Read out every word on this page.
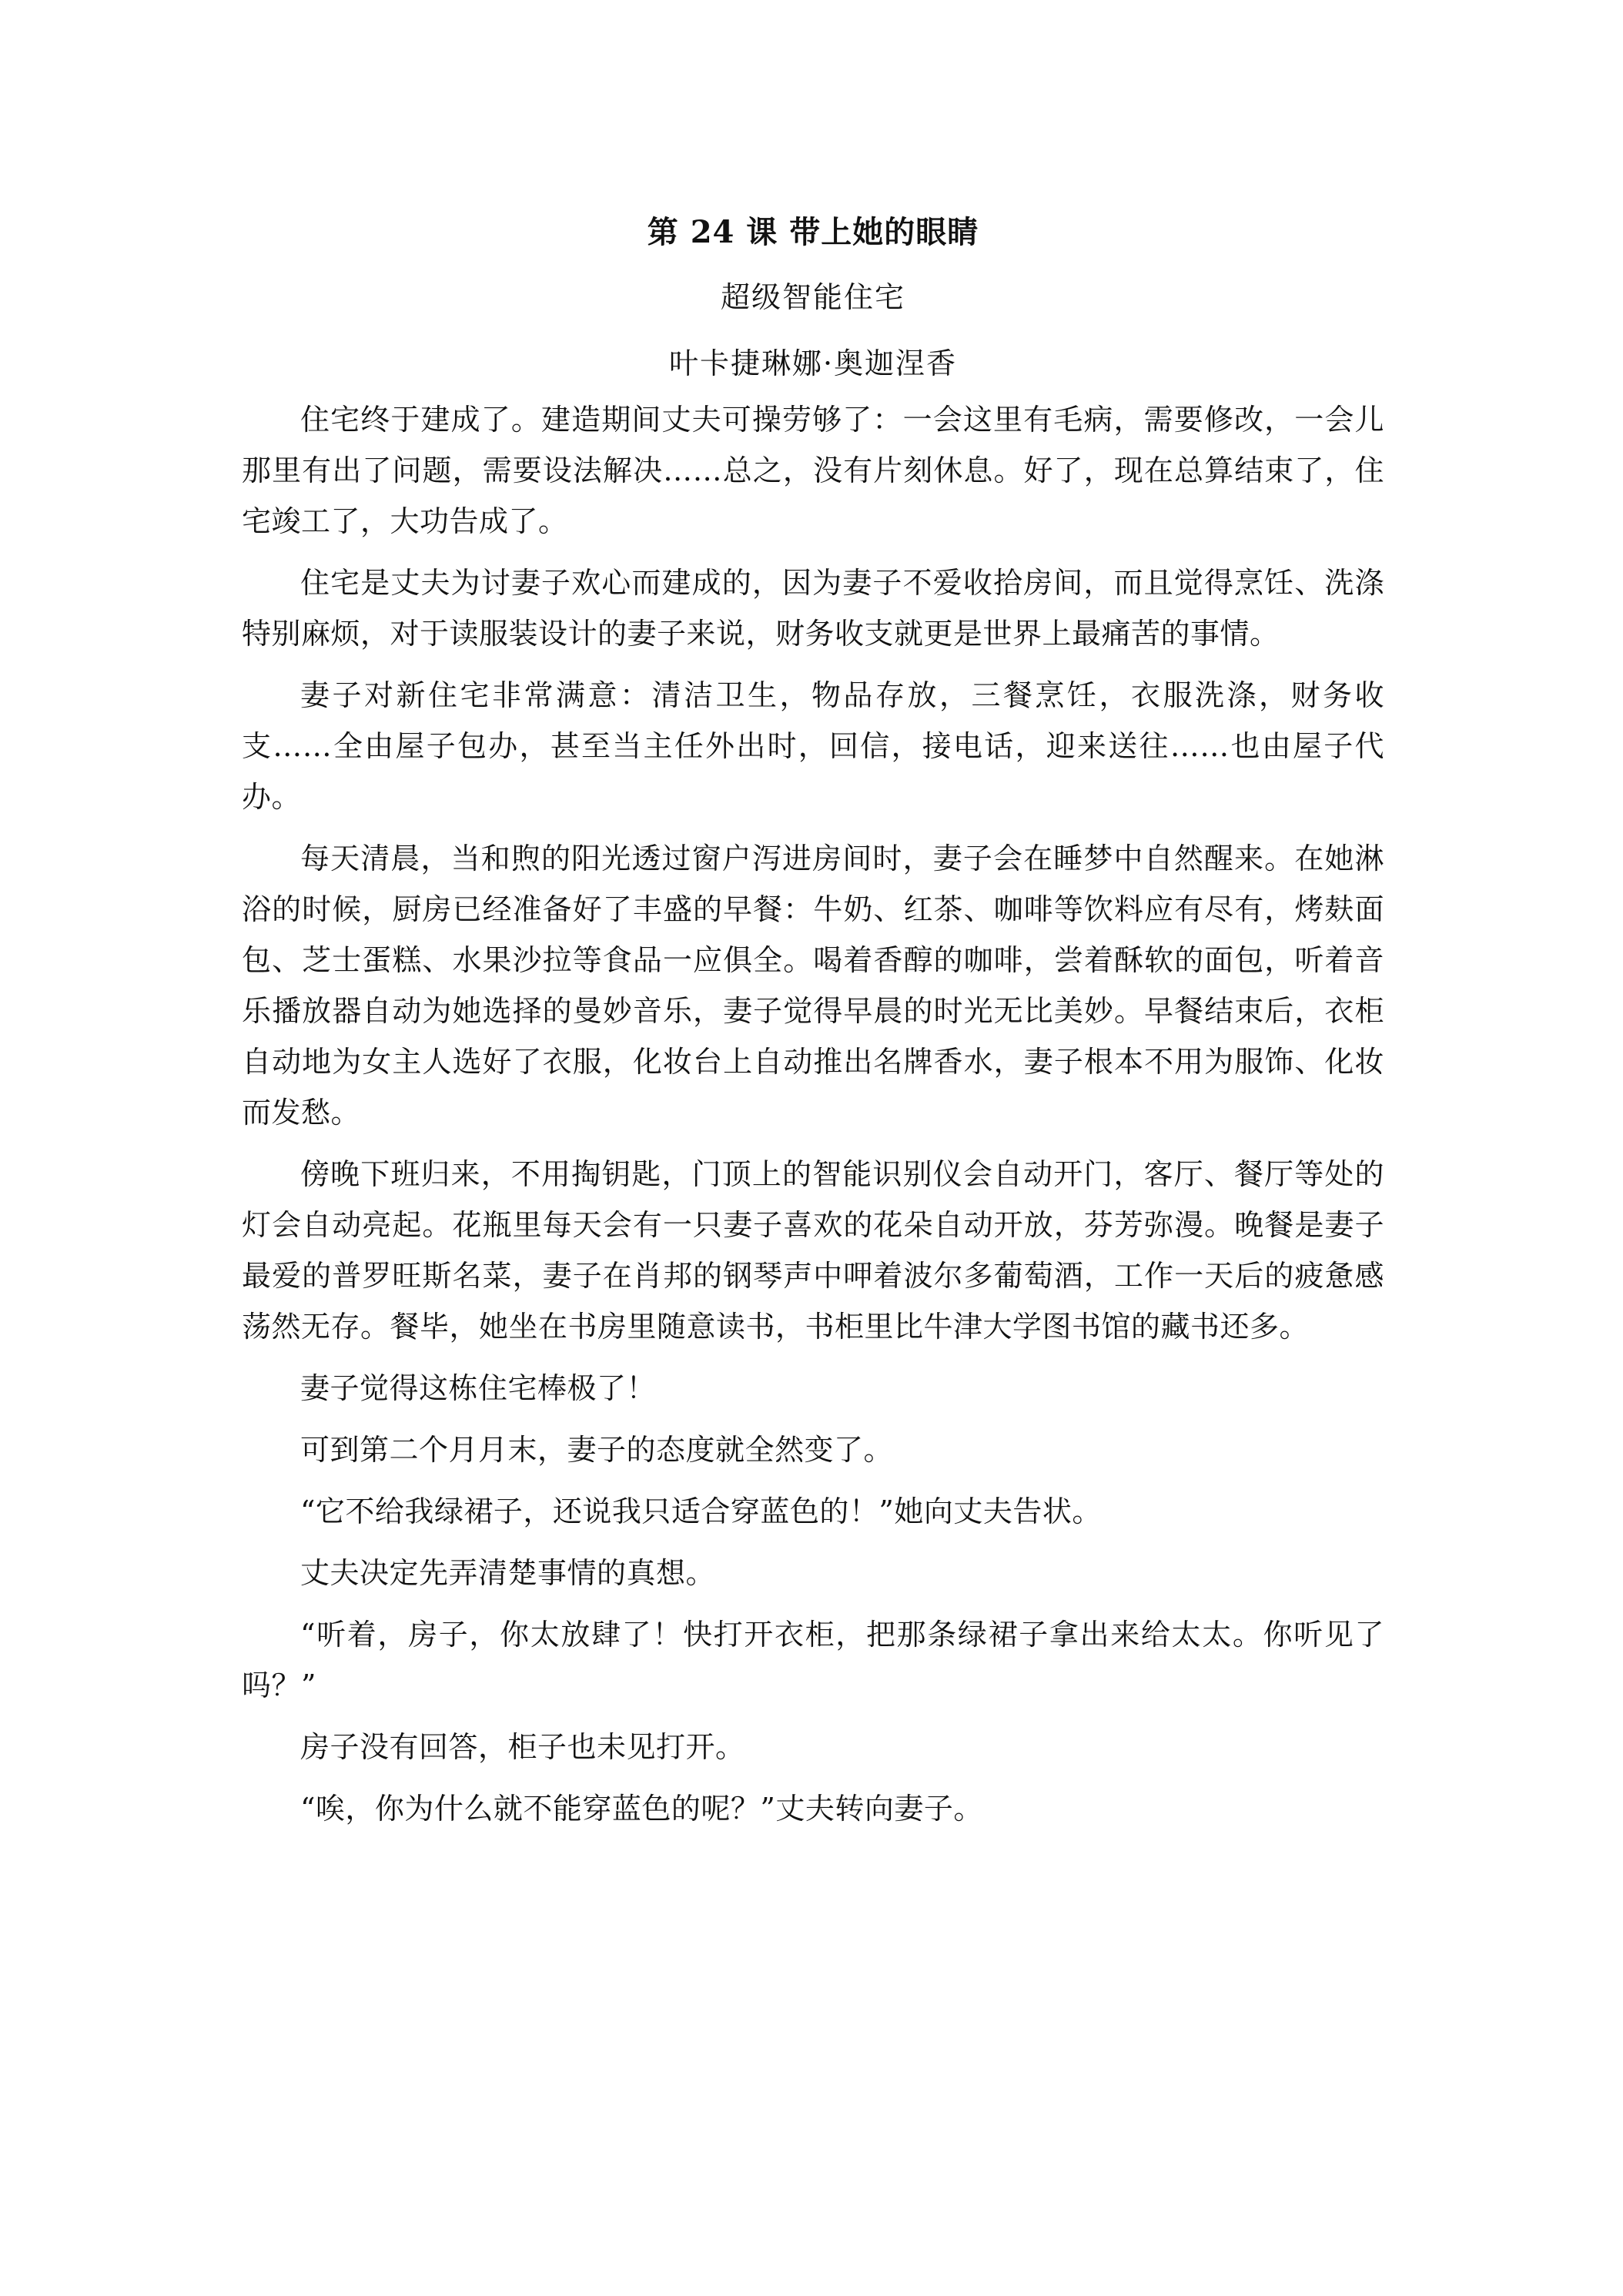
第 24 课 带上她的眼睛
超级智能住宅
叶卡捷琳娜·奥迦涅香

住宅终于建成了。建造期间丈夫可操劳够了：一会这里有毛病，需要修改，一会儿那里有出了问题，需要设法解决……总之，没有片刻休息。好了，现在总算结束了，住宅竣工了，大功告成了。

住宅是丈夫为讨妻子欢心而建成的，因为妻子不爱收拾房间，而且觉得烹饪、洗涤特别麻烦，对于读服装设计的妻子来说，财务收支就更是世界上最痛苦的事情。

妻子对新住宅非常满意：清洁卫生，物品存放，三餐烹饪，衣服洗涤，财务收支……全由屋子包办，甚至当主任外出时，回信，接电话，迎来送往……也由屋子代办。

每天清晨，当和煦的阳光透过窗户泻进房间时，妻子会在睡梦中自然醒来。在她淋浴的时候，厨房已经准备好了丰盛的早餐：牛奶、红茶、咖啡等饮料应有尽有，烤麸面包、芝士蛋糕、水果沙拉等食品一应俱全。喝着香醇的咖啡，尝着酥软的面包，听着音乐播放器自动为她选择的曼妙音乐，妻子觉得早晨的时光无比美妙。早餐结束后，衣柜自动地为女主人选好了衣服，化妆台上自动推出名牌香水，妻子根本不用为服饰、化妆而发愁。

傍晚下班归来，不用掏钥匙，门顶上的智能识别仪会自动开门，客厅、餐厅等处的灯会自动亮起。花瓶里每天会有一只妻子喜欢的花朵自动开放，芬芳弥漫。晚餐是妻子最爱的普罗旺斯名菜，妻子在肖邦的钢琴声中呷着波尔多葡萄酒，工作一天后的疲惫感荡然无存。餐毕，她坐在书房里随意读书，书柜里比牛津大学图书馆的藏书还多。

妻子觉得这栋住宅棒极了！

可到第二个月月末，妻子的态度就全然变了。

“它不给我绿裙子，还说我只适合穿蓝色的！”她向丈夫告状。

丈夫决定先弄清楚事情的真想。

“听着，房子，你太放肆了！快打开衣柜，把那条绿裙子拿出来给太太。你听见了吗？”

房子没有回答，柜子也未见打开。

“唉，你为什么就不能穿蓝色的呢？”丈夫转向妻子。
